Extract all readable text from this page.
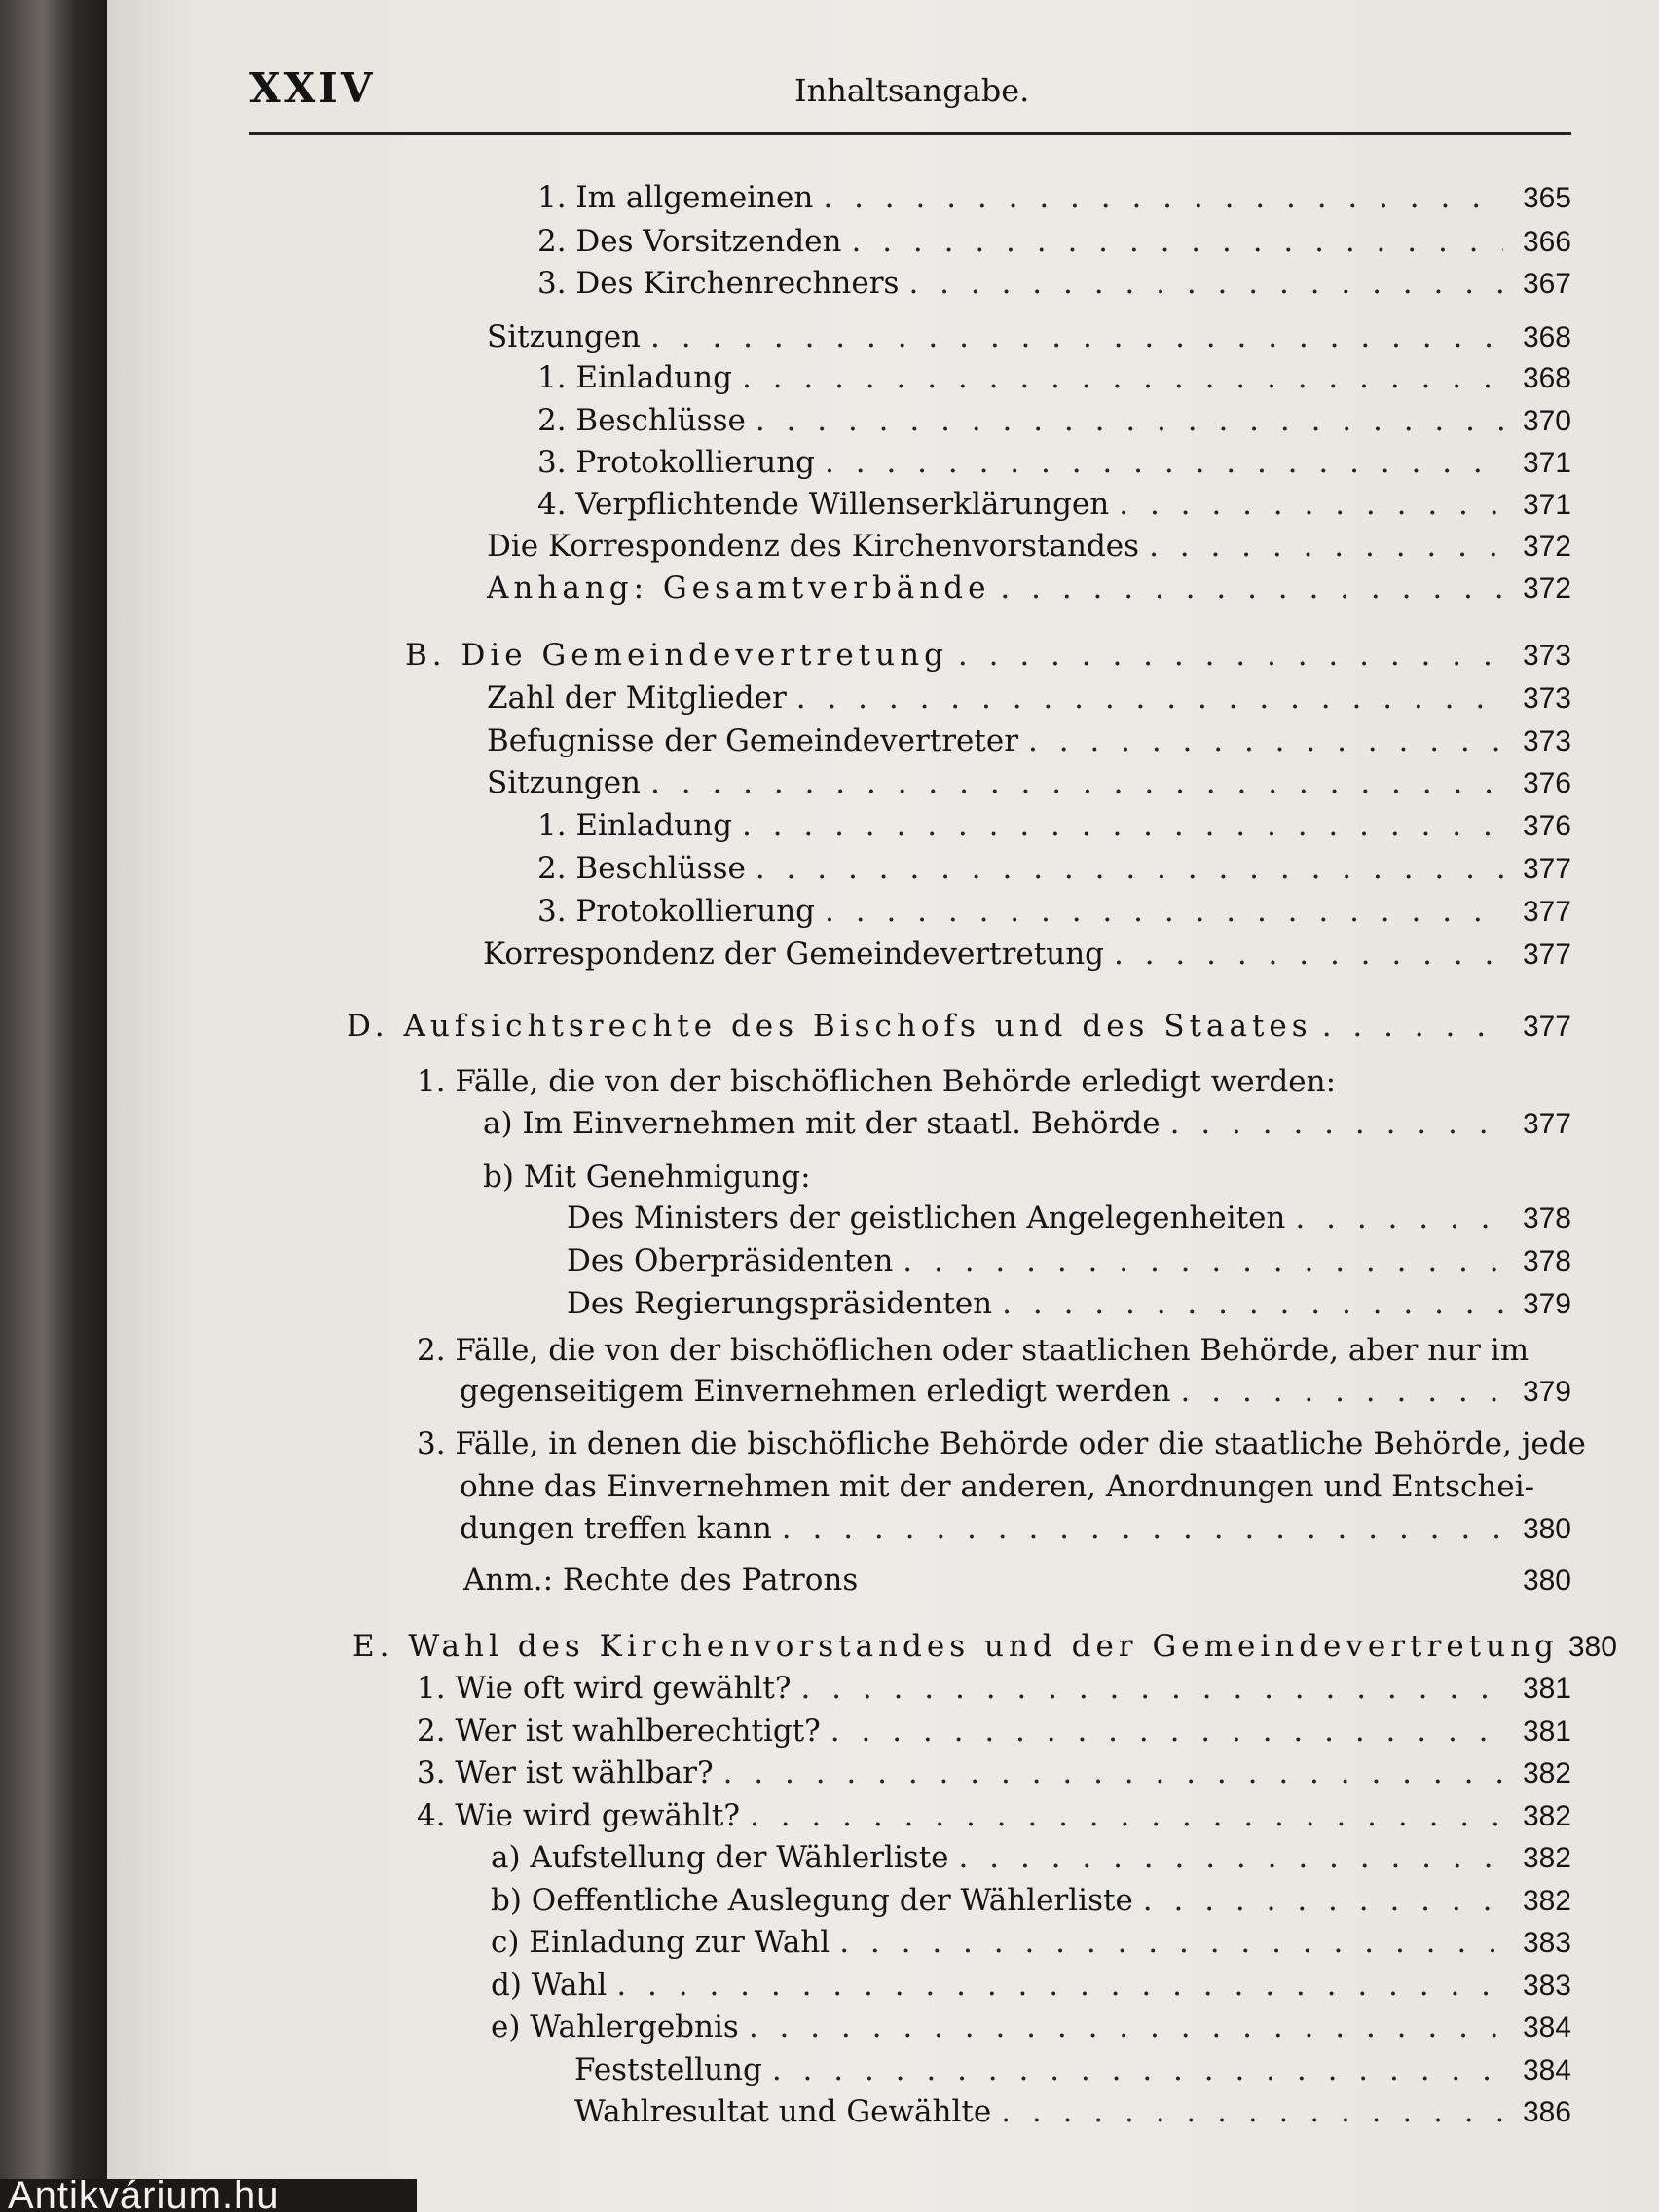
XXIV	Inhaltsangabe.
1. Im allgemeinen . . .	365
2. Des Vorsitzenden . . .	366
3. Des Kirchenrechners . . .	367
Sitzungen . . .	368
1. Einladung . . .	368
2. Beschlüsse . . .	370
3. Protokollierung . . .	371
4. Verpflichtende Willenserklärungen . . .	371
Die Korrespondenz des Kirchenvorstandes . . .	372
Anhang: Gesamtverbände . . .	372
B. Die Gemeindevertretung . . .	373
Zahl der Mitglieder . . .	373
Befugnisse der Gemeindevertreter . . .	373
Sitzungen . . .	376
1. Einladung . . .	376
2. Beschlüsse . . .	377
3. Protokollierung . . .	377
Korrespondenz der Gemeindevertretung . . .	377
D. Aufsichtsrechte des Bischofs und des Staates . . .	377
1. Fälle, die von der bischöflichen Behörde erledigt werden:
a) Im Einvernehmen mit der staatl. Behörde . . .	377
b) Mit Genehmigung:
Des Ministers der geistlichen Angelegenheiten . . .	378
Des Oberpräsidenten . . .	378
Des Regierungspräsidenten . . .	379
2. Fälle, die von der bischöflichen oder staatlichen Behörde, aber nur im
gegenseitigem Einvernehmen erledigt werden . . .	379
3. Fälle, in denen die bischöfliche Behörde oder die staatliche Behörde, jede
ohne das Einvernehmen mit der anderen, Anordnungen und Entschei-
dungen treffen kann . . .	380
Anm.: Rechte des Patrons	380
E. Wahl des Kirchenvorstandes und der Gemeindevertretung 380
1. Wie oft wird gewählt? . . .	381
2. Wer ist wahlberechtigt? . . .	381
3. Wer ist wählbar? . . .	382
4. Wie wird gewählt? . . .	382
a) Aufstellung der Wählerliste . . .	382
b) Oeffentliche Auslegung der Wählerliste . . .	382
c) Einladung zur Wahl . . .	383
d) Wahl . . .	383
e) Wahlergebnis . . .	384
Feststellung . . .	384
Wahlresultat und Gewählte . . .	386
Antikvárium.hu
